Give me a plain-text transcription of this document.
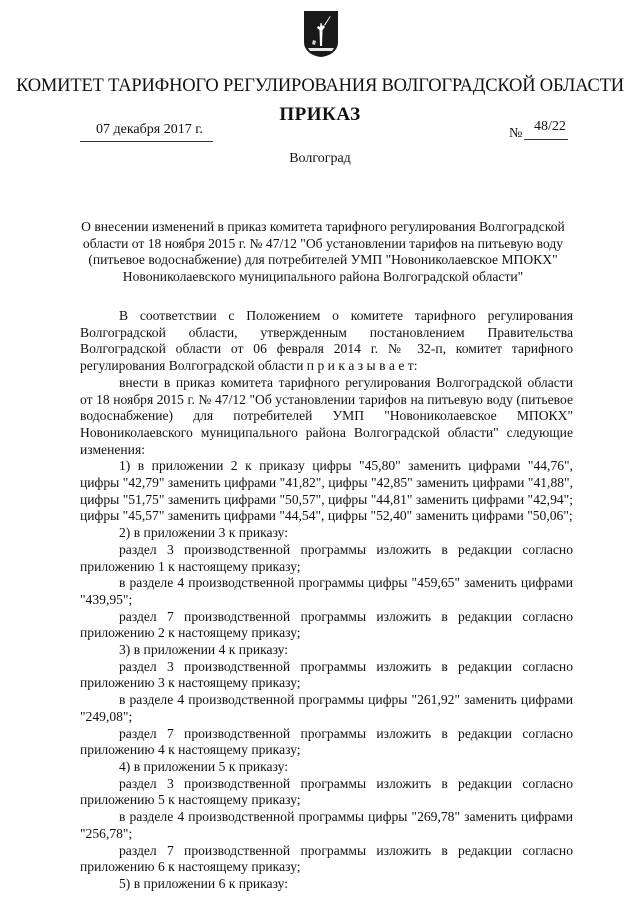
КОМИТЕТ ТАРИФНОГО РЕГУЛИРОВАНИЯ ВОЛГОГРАДСКОЙ ОБЛАСТИ
ПРИКАЗ
07 декабря 2017 г.	№ 48/22
Волгоград
О внесении изменений в приказ комитета тарифного регулирования Волгоградской области от 18 ноября 2015 г. № 47/12 "Об установлении тарифов на питьевую воду (питьевое водоснабжение) для потребителей УМП "Новониколаевское МПОКХ" Новониколаевского муниципального района Волгоградской области"

В соответствии с Положением о комитете тарифного регулирования Волгоградской области, утвержденным постановлением Правительства Волгоградской области от 06 февраля 2014 г. № 32-п, комитет тарифного регулирования Волгоградской области п р и к а з ы в а е т:

внести в приказ комитета тарифного регулирования Волгоградской области от 18 ноября 2015 г. № 47/12 "Об установлении тарифов на питьевую воду (питьевое водоснабжение) для потребителей УМП "Новониколаевское МПОКХ" Новониколаевского муниципального района Волгоградской области" следующие изменения:

1) в приложении 2 к приказу цифры "45,80" заменить цифрами "44,76", цифры "42,79" заменить цифрами "41,82", цифры "42,85" заменить цифрами "41,88", цифры "51,75" заменить цифрами "50,57", цифры "44,81" заменить цифрами "42,94"; цифры "45,57" заменить цифрами "44,54", цифры "52,40" заменить цифрами "50,06";

2) в приложении 3 к приказу:

раздел 3 производственной программы изложить в редакции согласно приложению 1 к настоящему приказу;

в разделе 4 производственной программы цифры "459,65" заменить цифрами "439,95";

раздел 7 производственной программы изложить в редакции согласно приложению 2 к настоящему приказу;

3) в приложении 4 к приказу:

раздел 3 производственной программы изложить в редакции согласно приложению 3 к настоящему приказу;

в разделе 4 производственной программы цифры "261,92" заменить цифрами "249,08";

раздел 7 производственной программы изложить в редакции согласно приложению 4 к настоящему приказу;

4) в приложении 5 к приказу:

раздел 3 производственной программы изложить в редакции согласно приложению 5 к настоящему приказу;

в разделе 4 производственной программы цифры "269,78" заменить цифрами "256,78";

раздел 7 производственной программы изложить в редакции согласно приложению 6 к настоящему приказу;

5) в приложении 6 к приказу:
